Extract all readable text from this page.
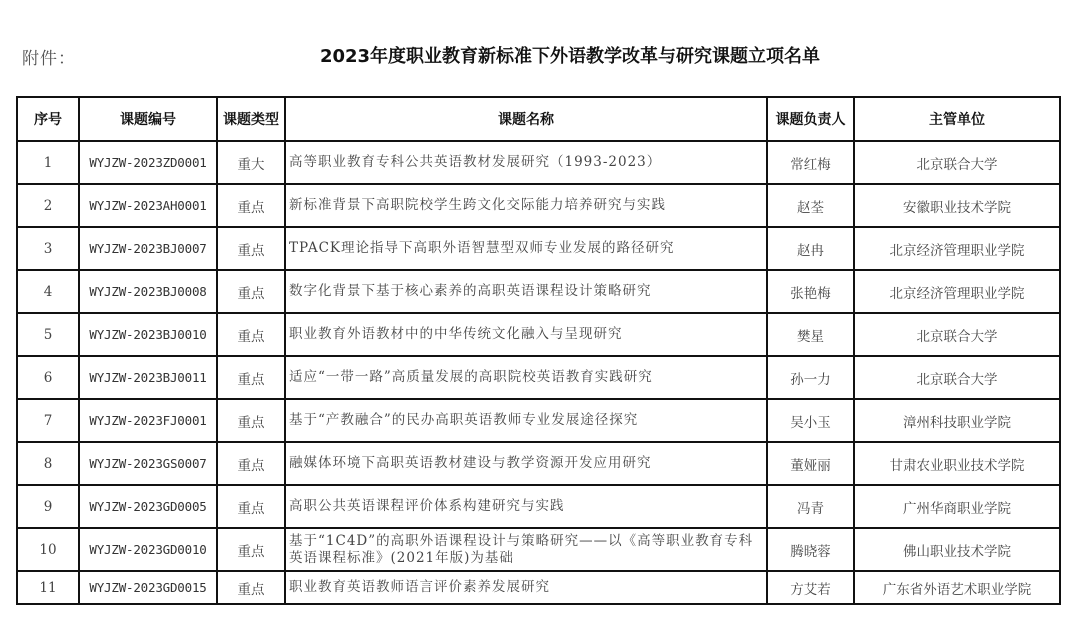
附件：	2023年度职业教育新标准下外语教学改革与研究课题立项名单
序号	课题编号	课题类型	课题名称	课题负责人	主管单位
1	WYJZW-2023ZD0001	重大	高等职业教育专科公共英语教材发展研究（1993-2023）	常红梅	北京联合大学
2	WYJZW-2023AH0001	重点	新标准背景下高职院校学生跨文化交际能力培养研究与实践	赵荃	安徽职业技术学院
3	WYJZW-2023BJ0007	重点	TPACK理论指导下高职外语智慧型双师专业发展的路径研究	赵冉	北京经济管理职业学院
4	WYJZW-2023BJ0008	重点	数字化背景下基于核心素养的高职英语课程设计策略研究	张艳梅	北京经济管理职业学院
5	WYJZW-2023BJ0010	重点	职业教育外语教材中的中华传统文化融入与呈现研究	樊星	北京联合大学
6	WYJZW-2023BJ0011	重点	适应“一带一路”高质量发展的高职院校英语教育实践研究	孙一力	北京联合大学
7	WYJZW-2023FJ0001	重点	基于“产教融合”的民办高职英语教师专业发展途径探究	吴小玉	漳州科技职业学院
8	WYJZW-2023GS0007	重点	融媒体环境下高职英语教材建设与教学资源开发应用研究	董娅丽	甘肃农业职业技术学院
9	WYJZW-2023GD0005	重点	高职公共英语课程评价体系构建研究与实践	冯青	广州华商职业学院
10	WYJZW-2023GD0010	重点	基于“1C4D”的高职外语课程设计与策略研究——以《高等职业教育专科英语课程标准》(2021年版)为基础	腾晓蓉	佛山职业技术学院
11	WYJZW-2023GD0015	重点	职业教育英语教师语言评价素养发展研究	方艾若	广东省外语艺术职业学院
